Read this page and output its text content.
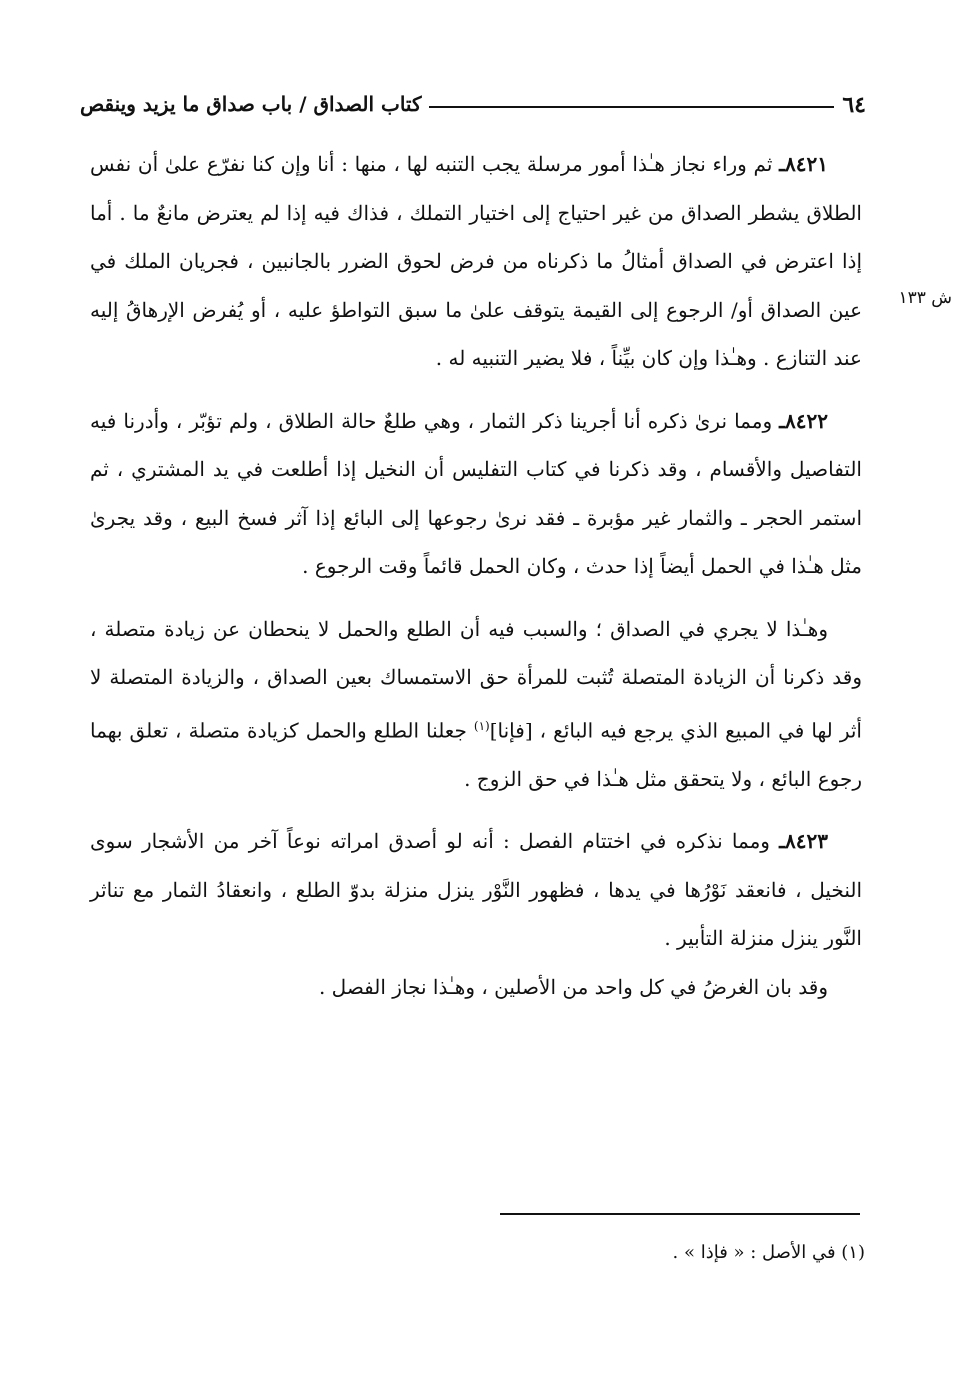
٦٤
كتاب الصداق / باب صداق ما يزيد وينقص
ش ١٣٣

٨٤٢١ـ ثم وراء نجاز هـٰذا أمور مرسلة يجب التنبه لها ، منها : أنا وإن كنا نفرّع علىٰ أن نفس الطلاق يشطر الصداق من غير احتياج إلى اختيار التملك ، فذاك فيه إذا لم يعترض مانعٌ ما . أما إذا اعترض في الصداق أمثالُ ما ذكرناه من فرض لحوق الضرر بالجانبين ، فجريان الملك في عين الصداق أو/ الرجوع إلى القيمة يتوقف علىٰ ما سبق التواطؤ عليه ، أو يُفرض الإرهاقُ إليه عند التنازع . وهـٰذا وإن كان بيِّناً ، فلا يضير التنبيه له .

٨٤٢٢ـ ومما نرىٰ ذكره أنا أجرينا ذكر الثمار ، وهي طلعٌ حالة الطلاق ، ولم تؤبّر ، وأدرنا فيه التفاصيل والأقسام ، وقد ذكرنا في كتاب التفليس أن النخيل إذا أطلعت في يد المشتري ، ثم استمر الحجر ـ والثمار غير مؤبرة ـ فقد نرىٰ رجوعها إلى البائع إذا آثر فسخ البيع ، وقد يجرىٰ مثل هـٰذا في الحمل أيضاً إذا حدث ، وكان الحمل قائماً وقت الرجوع .

وهـٰذا لا يجري في الصداق ؛ والسبب فيه أن الطلع والحمل لا ينحطان عن زيادة متصلة ، وقد ذكرنا أن الزيادة المتصلة تُثبت للمرأة حق الاستمساك بعين الصداق ، والزيادة المتصلة لا أثر لها في المبيع الذي يرجع فيه البائع ، [فإنا]$^{(١)}$ جعلنا الطلع والحمل كزيادة متصلة ، تعلق بهما رجوع البائع ، ولا يتحقق مثل هـٰذا في حق الزوج .

٨٤٢٣ـ ومما نذكره في اختتام الفصل : أنه لو أصدق امراته نوعاً آخر من الأشجار سوى النخيل ، فانعقد نَوْرُها في يدها ، فظهور النَّوْر ينزل منزلة بدوّ الطلع ، وانعقادُ الثمار مع تناثر النَّور ينزل منزلة التأبير .

وقد بان الغرضُ في كل واحد من الأصلين ، وهـٰذا نجاز الفصل .

(١) في الأصل : « فإذا » .
